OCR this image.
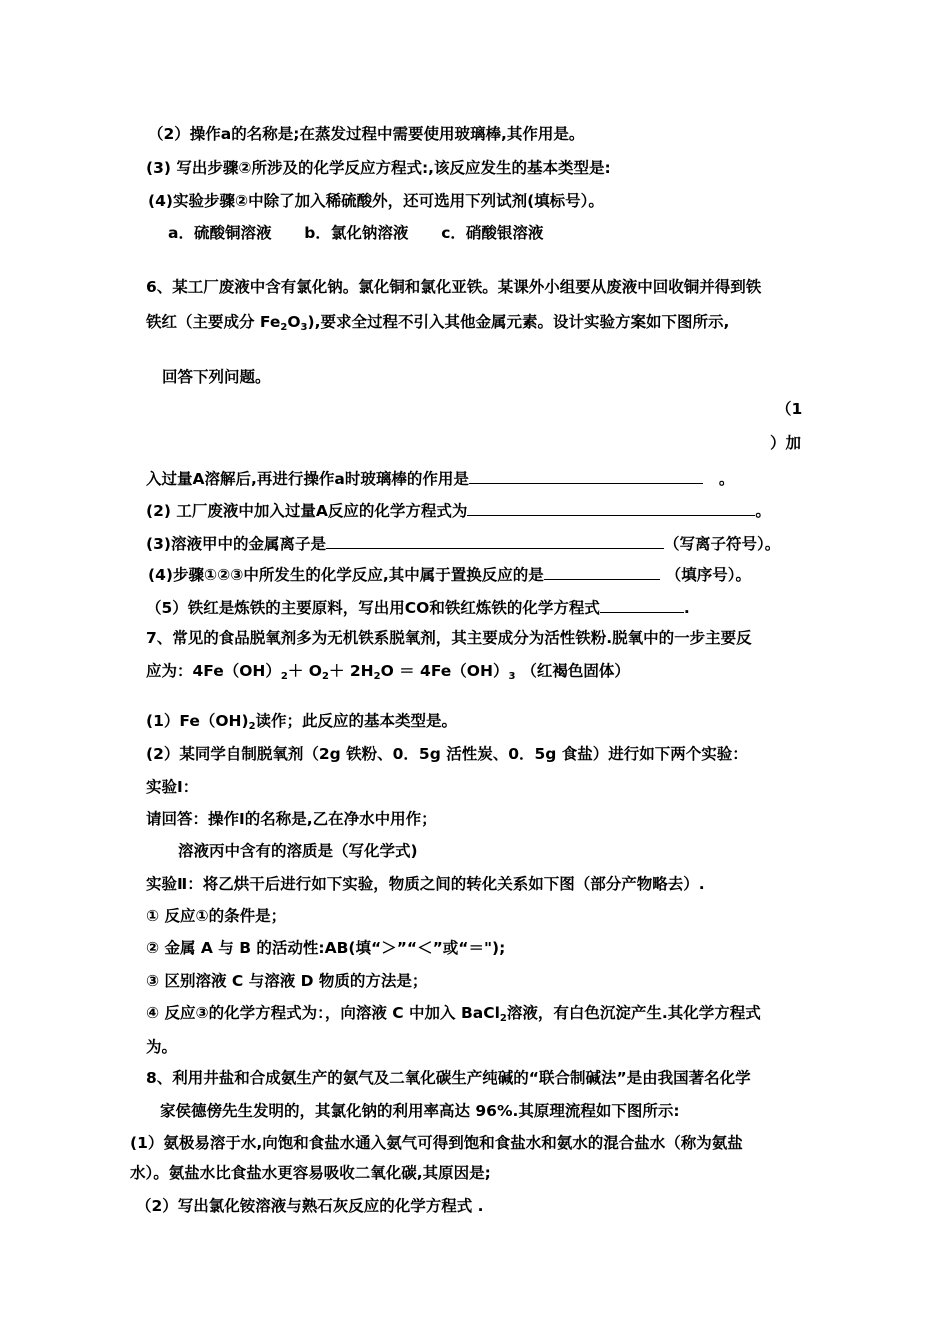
（2）操作a的名称是;在蒸发过程中需要使用玻璃棒,其作用是。
(3) 写出步骤②所涉及的化学反应方程式:,该反应发生的基本类型是:
(4)实验步骤②中除了加入稀硫酸外，还可选用下列试剂(填标号）。
a．硫酸铜溶液 b．氯化钠溶液 c．硝酸银溶液
6、某工厂废液中含有氯化钠。氯化铜和氯化亚铁。某课外小组要从废液中回收铜并得到铁
铁红（主要成分 $Fe_2O_3$),要求全过程不引入其他金属元素。设计实验方案如下图所示,
回答下列问题。
（1
）加
入过量A溶解后,再进行操作a时玻璃棒的作用是	。
(2) 工厂废液中加入过量A反应的化学方程式为	。
(3)溶液甲中的金属离子是	（写离子符号）。
(4)步骤①②③中所发生的化学反应,其中属于置换反应的是	（填序号）。
（5）铁红是炼铁的主要原料，写出用CO和铁红炼铁的化学方程式	.
7、常见的食品脱氧剂多为无机铁系脱氧剂，其主要成分为活性铁粉.脱氧中的一步主要反
应为：$4Fe(OH)_2+ O_2+ 2H_2O = 4Fe(OH)_3$ （红褐色固体）
$(1)Fe(OH)_2$读作；此反应的基本类型是。
(2）某同学自制脱氧剂（2g 铁粉、0．5g 活性炭、0．5g 食盐）进行如下两个实验：
实验Ⅰ：
请回答：操作Ⅰ的名称是,乙在净水中用作；
溶液丙中含有的溶质是（写化学式)
实验Ⅱ：将乙烘干后进行如下实验，物质之间的转化关系如下图（部分产物略去）.
① 反应①的条件是；
② 金属 A 与 B 的活动性:AB(填“＞”“＜”或“＝");
③ 区别溶液 C 与溶液 D 物质的方法是；
④ 反应③的化学方程式为：，向溶液 C 中加入 BaCl$_2$溶液，有白色沉淀产生.其化学方程式
为。
8、利用井盐和合成氨生产的氨气及二氧化碳生产纯碱的“联合制碱法”是由我国著名化学
家侯德傍先生发明的，其氯化钠的利用率高达 96%.其原理流程如下图所示:
(1）氨极易溶于水,向饱和食盐水通入氨气可得到饱和食盐水和氨水的混合盐水（称为氨盐
水）。氨盐水比食盐水更容易吸收二氧化碳,其原因是;
（2）写出氯化铵溶液与熟石灰反应的化学方程式 .
